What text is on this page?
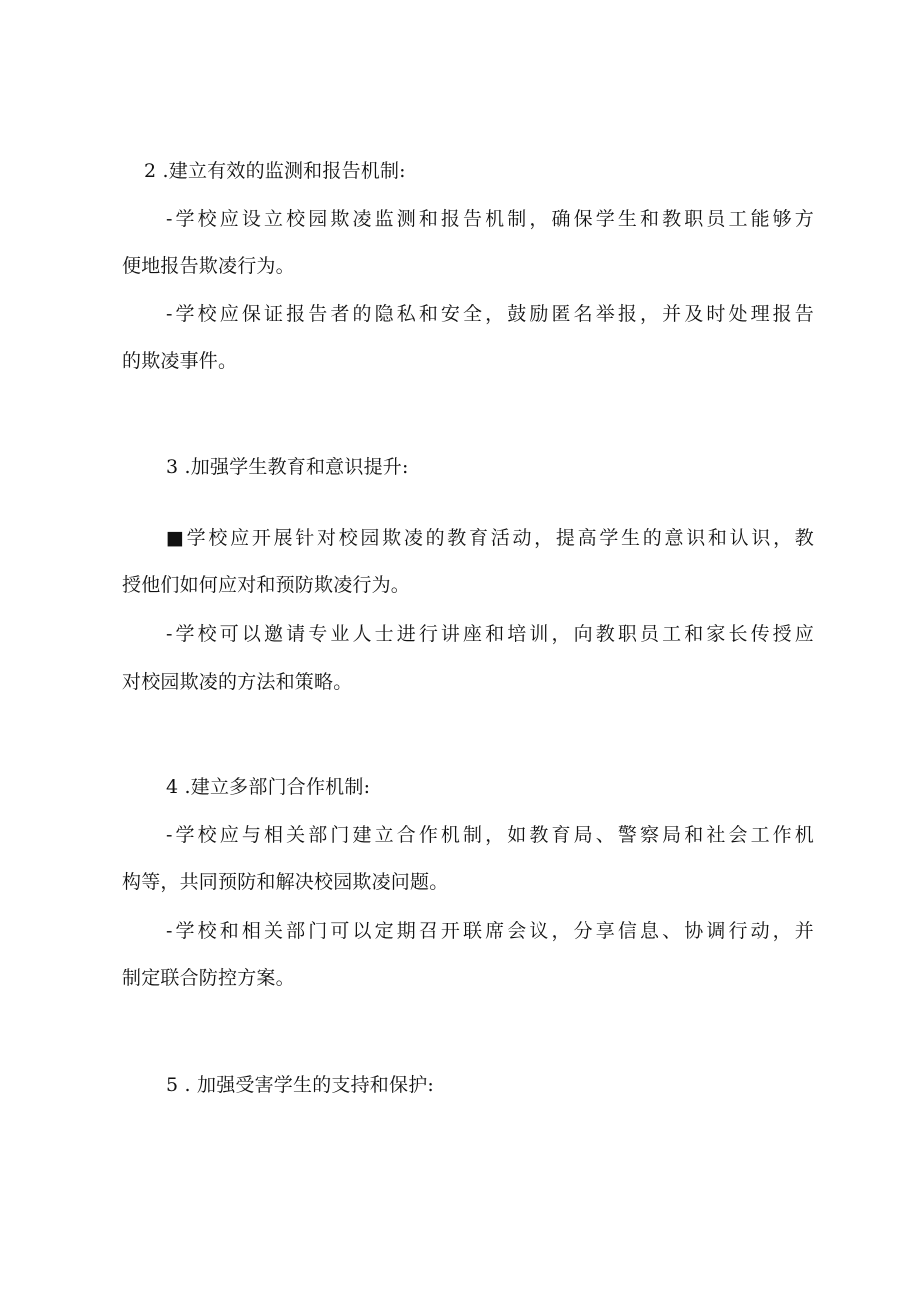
2 .建立有效的监测和报告机制:
-学校应设立校园欺凌监测和报告机制，确保学生和教职员工能够方
便地报告欺凌行为。
-学校应保证报告者的隐私和安全，鼓励匿名举报，并及时处理报告
的欺凌事件。
3 .加强学生教育和意识提升:
■学校应开展针对校园欺凌的教育活动，提高学生的意识和认识，教
授他们如何应对和预防欺凌行为。
-学校可以邀请专业人士进行讲座和培训，向教职员工和家长传授应
对校园欺凌的方法和策略。
4 .建立多部门合作机制:
-学校应与相关部门建立合作机制，如教育局、警察局和社会工作机
构等，共同预防和解决校园欺凌问题。
-学校和相关部门可以定期召开联席会议，分享信息、协调行动，并
制定联合防控方案。
5 . 加强受害学生的支持和保护:
